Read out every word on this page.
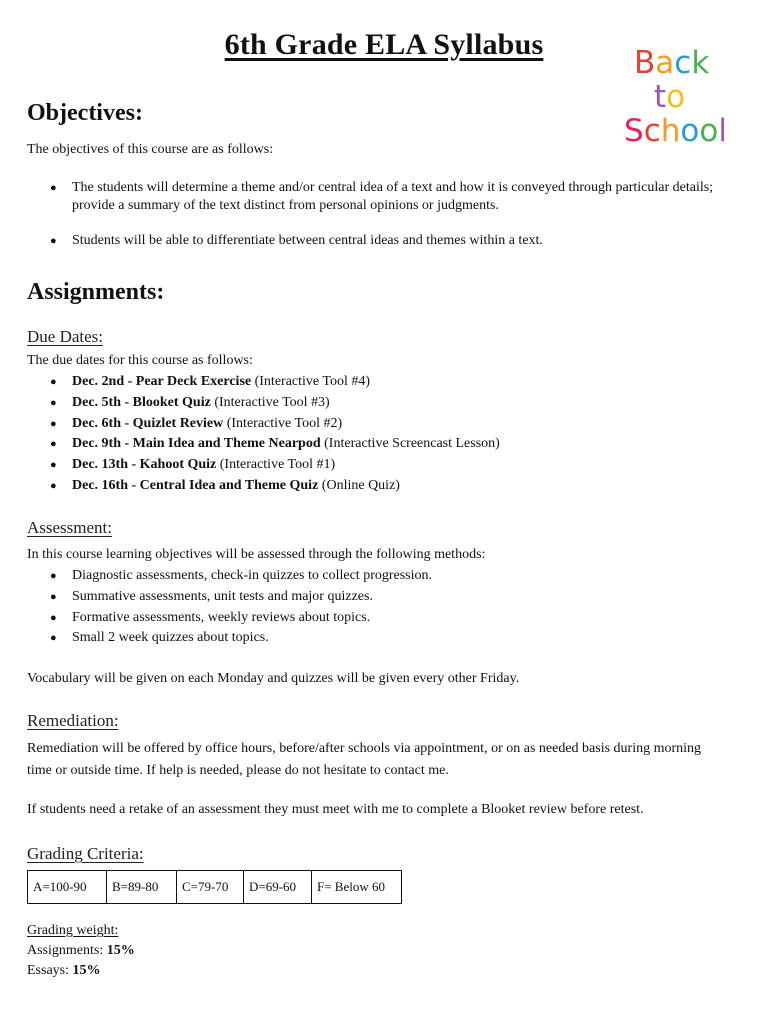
6th Grade ELA Syllabus
Back
to
School
Objectives:
The objectives of this course are as follows:
● The students will determine a theme and/or central idea of a text and how it is conveyed through particular details; provide a summary of the text distinct from personal opinions or judgments.
● Students will be able to differentiate between central ideas and themes within a text.
Assignments:
Due Dates:
The due dates for this course as follows:
● Dec. 2nd - Pear Deck Exercise (Interactive Tool #4)
● Dec. 5th - Blooket Quiz (Interactive Tool #3)
● Dec. 6th - Quizlet Review (Interactive Tool #2)
● Dec. 9th - Main Idea and Theme Nearpod (Interactive Screencast Lesson)
● Dec. 13th - Kahoot Quiz (Interactive Tool #1)
● Dec. 16th - Central Idea and Theme Quiz (Online Quiz)
Assessment:
In this course learning objectives will be assessed through the following methods:
● Diagnostic assessments, check-in quizzes to collect progression.
● Summative assessments, unit tests and major quizzes.
● Formative assessments, weekly reviews about topics.
● Small 2 week quizzes about topics.
Vocabulary will be given on each Monday and quizzes will be given every other Friday.
Remediation:
Remediation will be offered by office hours, before/after schools via appointment, or on as needed basis during morning time or outside time. If help is needed, please do not hesitate to contact me.
If students need a retake of an assessment they must meet with me to complete a Blooket review before retest.
Grading Criteria:
A=100-90	B=89-80	C=79-70	D=69-60	F= Below 60
Grading weight:
Assignments: 15%
Essays: 15%
